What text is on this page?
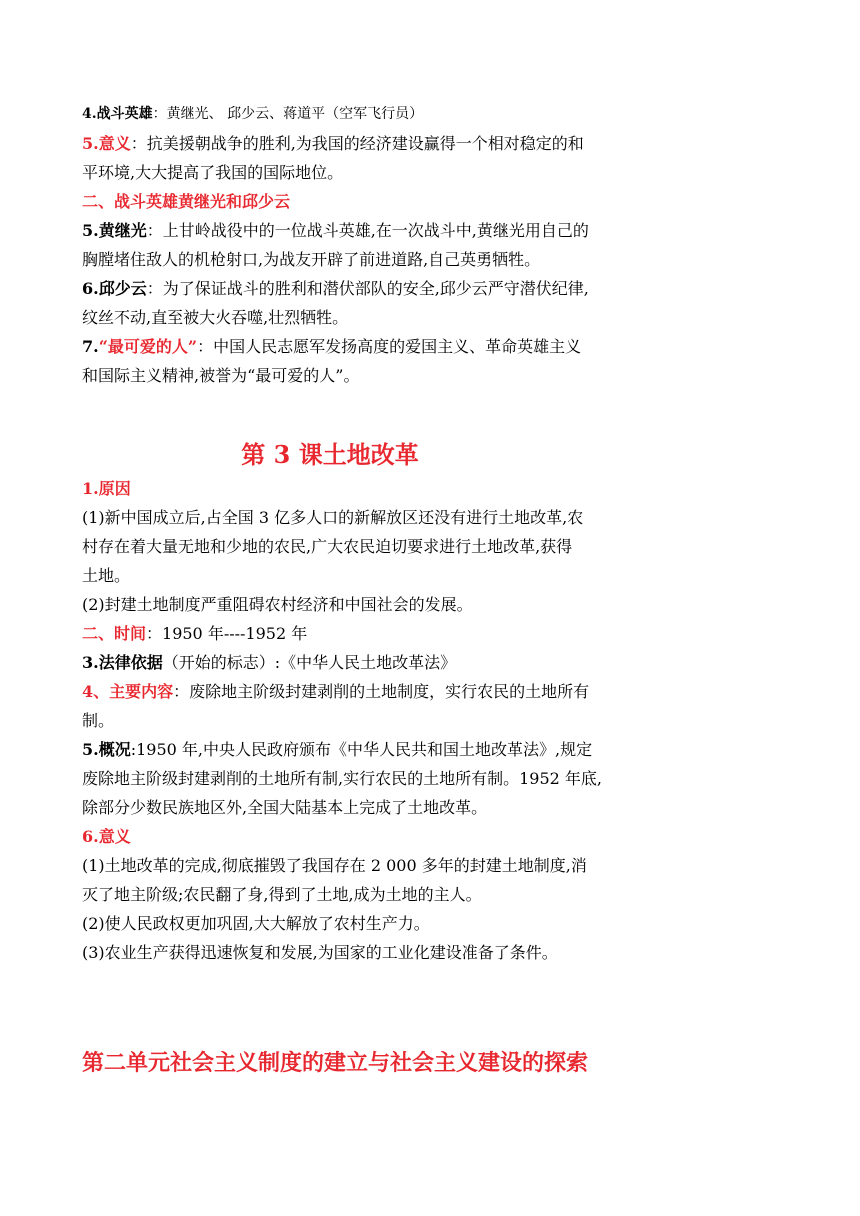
4.战斗英雄：黄继光、 邱少云、蒋道平（空军飞行员）
5.意义：抗美援朝战争的胜利,为我国的经济建设赢得一个相对稳定的和
平环境,大大提高了我国的国际地位。
二、战斗英雄黄继光和邱少云
5.黄继光：上甘岭战役中的一位战斗英雄,在一次战斗中,黄继光用自己的
胸膛堵住敌人的机枪射口,为战友开辟了前进道路,自己英勇牺牲。
6.邱少云：为了保证战斗的胜利和潜伏部队的安全,邱少云严守潜伏纪律,
纹丝不动,直至被大火吞噬,壮烈牺牲。
7.“最可爱的人”：中国人民志愿军发扬高度的爱国主义、革命英雄主义
和国际主义精神,被誉为“最可爱的人”。
第 3 课土地改革
1.原因
(1)新中国成立后,占全国 3 亿多人口的新解放区还没有进行土地改革,农
村存在着大量无地和少地的农民,广大农民迫切要求进行土地改革,获得
土地。
(2)封建土地制度严重阻碍农村经济和中国社会的发展。
二、时间：1950 年----1952 年
3.法律依据（开始的标志）:《中华人民土地改革法》
4、主要内容：废除地主阶级封建剥削的土地制度，实行农民的土地所有
制。
5.概况:1950 年,中央人民政府颁布《中华人民共和国土地改革法》,规定
废除地主阶级封建剥削的土地所有制,实行农民的土地所有制。1952 年底,
除部分少数民族地区外,全国大陆基本上完成了土地改革。
6.意义
(1)土地改革的完成,彻底摧毁了我国存在 2 000 多年的封建土地制度,消
灭了地主阶级;农民翻了身,得到了土地,成为土地的主人。
(2)使人民政权更加巩固,大大解放了农村生产力。
(3)农业生产获得迅速恢复和发展,为国家的工业化建设准备了条件。
第二单元社会主义制度的建立与社会主义建设的探索
